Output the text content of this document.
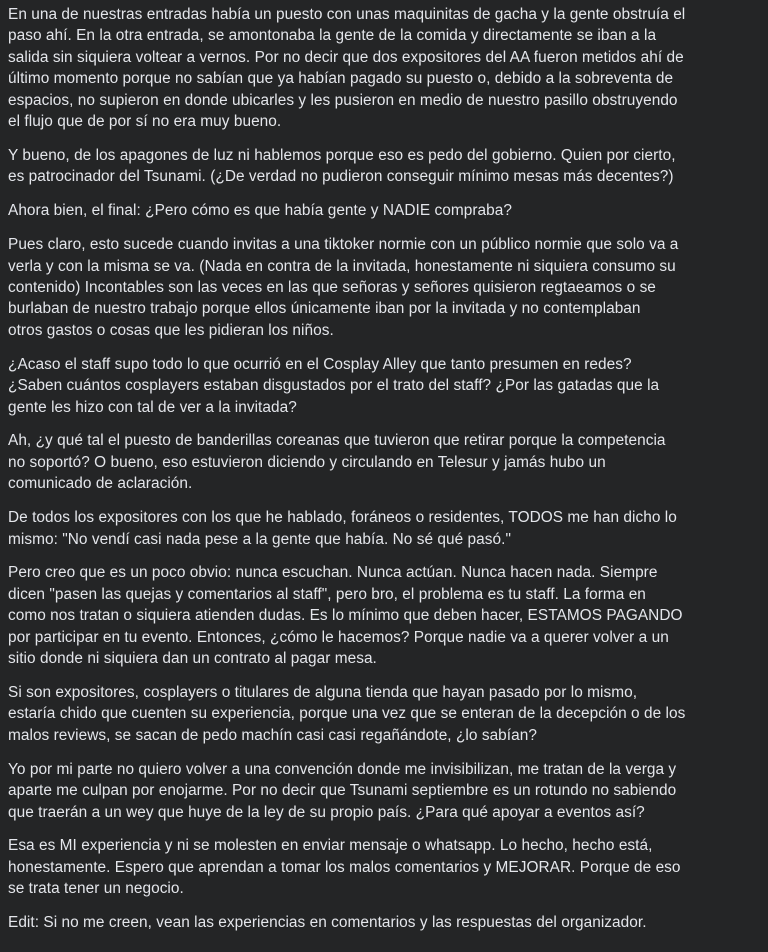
En una de nuestras entradas había un puesto con unas maquinitas de gacha y la gente obstruía el
paso ahí. En la otra entrada, se amontonaba la gente de la comida y directamente se iban a la
salida sin siquiera voltear a vernos. Por no decir que dos expositores del AA fueron metidos ahí de
último momento porque no sabían que ya habían pagado su puesto o, debido a la sobreventa de
espacios, no supieron en donde ubicarles y les pusieron en medio de nuestro pasillo obstruyendo
el flujo que de por sí no era muy bueno.

Y bueno, de los apagones de luz ni hablemos porque eso es pedo del gobierno. Quien por cierto,
es patrocinador del Tsunami. (¿De verdad no pudieron conseguir mínimo mesas más decentes?)

Ahora bien, el final: ¿Pero cómo es que había gente y NADIE compraba?

Pues claro, esto sucede cuando invitas a una tiktoker normie con un público normie que solo va a
verla y con la misma se va. (Nada en contra de la invitada, honestamente ni siquiera consumo su
contenido) Incontables son las veces en las que señoras y señores quisieron regtaeamos o se
burlaban de nuestro trabajo porque ellos únicamente iban por la invitada y no contemplaban
otros gastos o cosas que les pidieran los niños.

¿Acaso el staff supo todo lo que ocurrió en el Cosplay Alley que tanto presumen en redes?
¿Saben cuántos cosplayers estaban disgustados por el trato del staff? ¿Por las gatadas que la
gente les hizo con tal de ver a la invitada?

Ah, ¿y qué tal el puesto de banderillas coreanas que tuvieron que retirar porque la competencia
no soportó? O bueno, eso estuvieron diciendo y circulando en Telesur y jamás hubo un
comunicado de aclaración.

De todos los expositores con los que he hablado, foráneos o residentes, TODOS me han dicho lo
mismo: "No vendí casi nada pese a la gente que había. No sé qué pasó."

Pero creo que es un poco obvio: nunca escuchan. Nunca actúan. Nunca hacen nada. Siempre
dicen "pasen las quejas y comentarios al staff", pero bro, el problema es tu staff. La forma en
como nos tratan o siquiera atienden dudas. Es lo mínimo que deben hacer, ESTAMOS PAGANDO
por participar en tu evento. Entonces, ¿cómo le hacemos? Porque nadie va a querer volver a un
sitio donde ni siquiera dan un contrato al pagar mesa.

Si son expositores, cosplayers o titulares de alguna tienda que hayan pasado por lo mismo,
estaría chido que cuenten su experiencia, porque una vez que se enteran de la decepción o de los
malos reviews, se sacan de pedo machín casi casi regañándote, ¿lo sabían?

Yo por mi parte no quiero volver a una convención donde me invisibilizan, me tratan de la verga y
aparte me culpan por enojarme. Por no decir que Tsunami septiembre es un rotundo no sabiendo
que traerán a un wey que huye de la ley de su propio país. ¿Para qué apoyar a eventos así?

Esa es MI experiencia y ni se molesten en enviar mensaje o whatsapp. Lo hecho, hecho está,
honestamente. Espero que aprendan a tomar los malos comentarios y MEJORAR. Porque de eso
se trata tener un negocio.

Edit: Si no me creen, vean las experiencias en comentarios y las respuestas del organizador.
